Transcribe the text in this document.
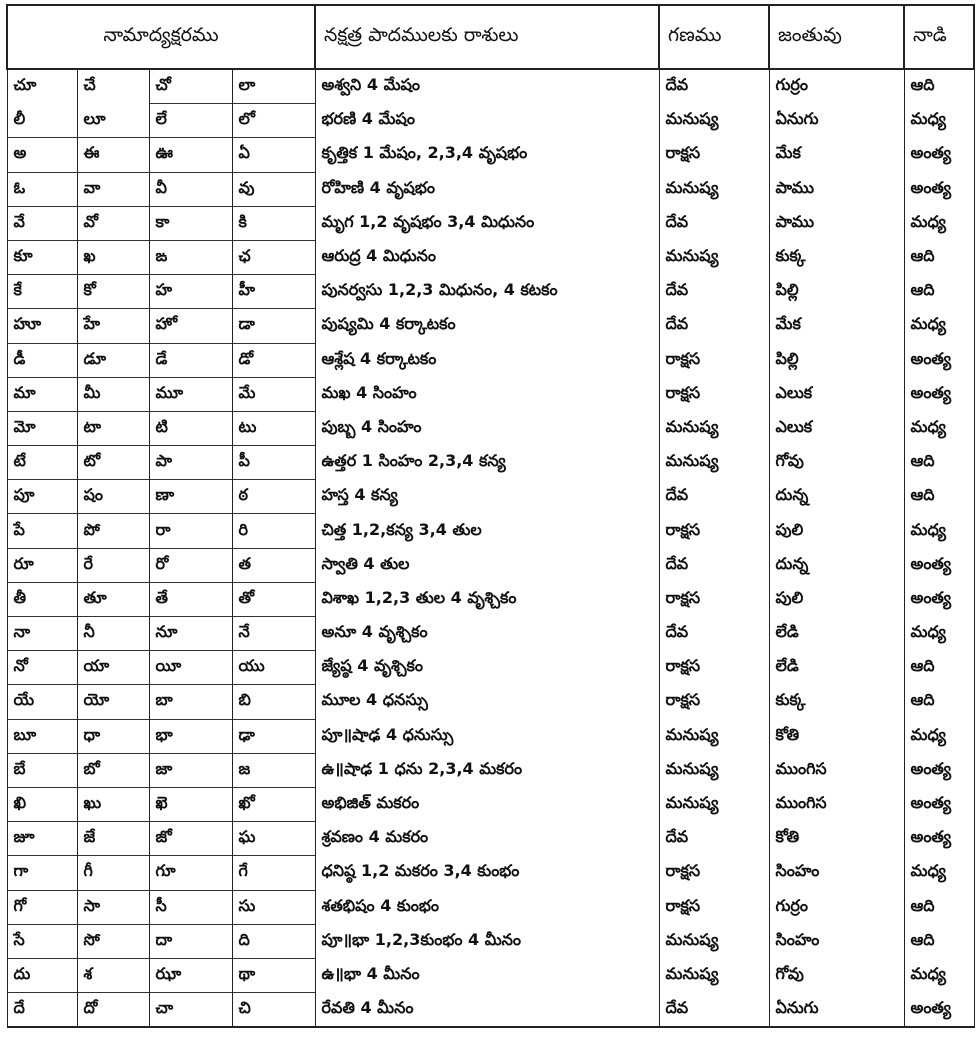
నామాద్యక్షరము				నక్షత్ర పాదములకు రాశులు	గణము	జంతువు	నాడి
చూ	చే	చో	లా	అశ్వని 4 మేషం	దేవ	గుర్రం	ఆది
లీ	లూ	లే	లో	భరణి 4 మేషం	మనుష్య	ఏనుగు	మధ్య
అ	ఈ	ఊ	ఏ	కృత్తిక 1 మేషం, 2,3,4 వృషభం	రాక్షస	మేక	అంత్య
ఓ	వా	వీ	వు	రోహిణి 4 వృషభం	మనుష్య	పాము	అంత్య
వే	వో	కా	కి	మృగ 1,2 వృషభం 3,4 మిధునం	దేవ	పాము	మధ్య
కూ	ఖ	ఙ	ఛ	ఆరుద్ర 4 మిధునం	మనుష్య	కుక్క	ఆది
కే	కో	హ	హీ	పునర్వసు 1,2,3 మిధునం, 4 కటకం	దేవ	పిల్లి	ఆది
హూ	హే	హో	డా	పుష్యమి 4 కర్కాటకం	దేవ	మేక	మధ్య
డీ	డూ	డే	డో	ఆశ్లేష 4 కర్కాటకం	రాక్షస	పిల్లి	అంత్య
మా	మీ	మూ	మే	మఖ 4 సింహం	రాక్షస	ఎలుక	అంత్య
మో	టా	టి	టు	పుబ్బ 4 సింహం	మనుష్య	ఎలుక	మధ్య
టే	టో	పా	పీ	ఉత్తర 1 సింహం 2,3,4 కన్య	మనుష్య	గోవు	ఆది
పూ	షం	ణా	ఠ	హస్త 4 కన్య	దేవ	దున్న	ఆది
పే	పో	రా	రి	చిత్త 1,2,కన్య 3,4 తుల	రాక్షస	పులి	మధ్య
రూ	రే	రో	త	స్వాతి 4 తుల	దేవ	దున్న	అంత్య
తీ	తూ	తే	తో	విశాఖ 1,2,3 తుల 4 వృశ్చికం	రాక్షస	పులి	అంత్య
నా	నీ	నూ	నే	అనూ 4 వృశ్చికం	దేవ	లేడి	మధ్య
నో	యా	యీ	యు	జ్యేష్ఠ 4 వృశ్చికం	రాక్షస	లేడి	ఆది
యే	యో	బా	బి	మూల 4 ధనస్సు	రాక్షస	కుక్క	ఆది
బూ	ధా	భా	ఢా	పూ॥షాఢ 4 ధనుస్సు	మనుష్య	కోతి	మధ్య
బే	బో	జా	జ	ఉ॥షాఢ 1 ధను 2,3,4 మకరం	మనుష్య	ముంగిస	అంత్య
ఖి	ఖు	ఖె	ఖో	అభిజిత్ మకరం	మనుష్య	ముంగిస	అంత్య
జూ	జే	జో	ఘ	శ్రవణం 4 మకరం	దేవ	కోతి	అంత్య
గా	గీ	గూ	గే	ధనిష్ఠ 1,2 మకరం 3,4 కుంభం	రాక్షస	సింహం	మధ్య
గో	సా	సీ	సు	శతభిషం 4 కుంభం	రాక్షస	గుర్రం	ఆది
సే	సో	దా	ది	పూ॥భా 1,2,3కుంభం 4 మీనం	మనుష్య	సింహం	ఆది
దు	శ	ఝా	థా	ఉ॥భా 4 మీనం	మనుష్య	గోవు	మధ్య
దే	దో	చా	చి	రేవతి 4 మీనం	దేవ	ఏనుగు	అంత్య
